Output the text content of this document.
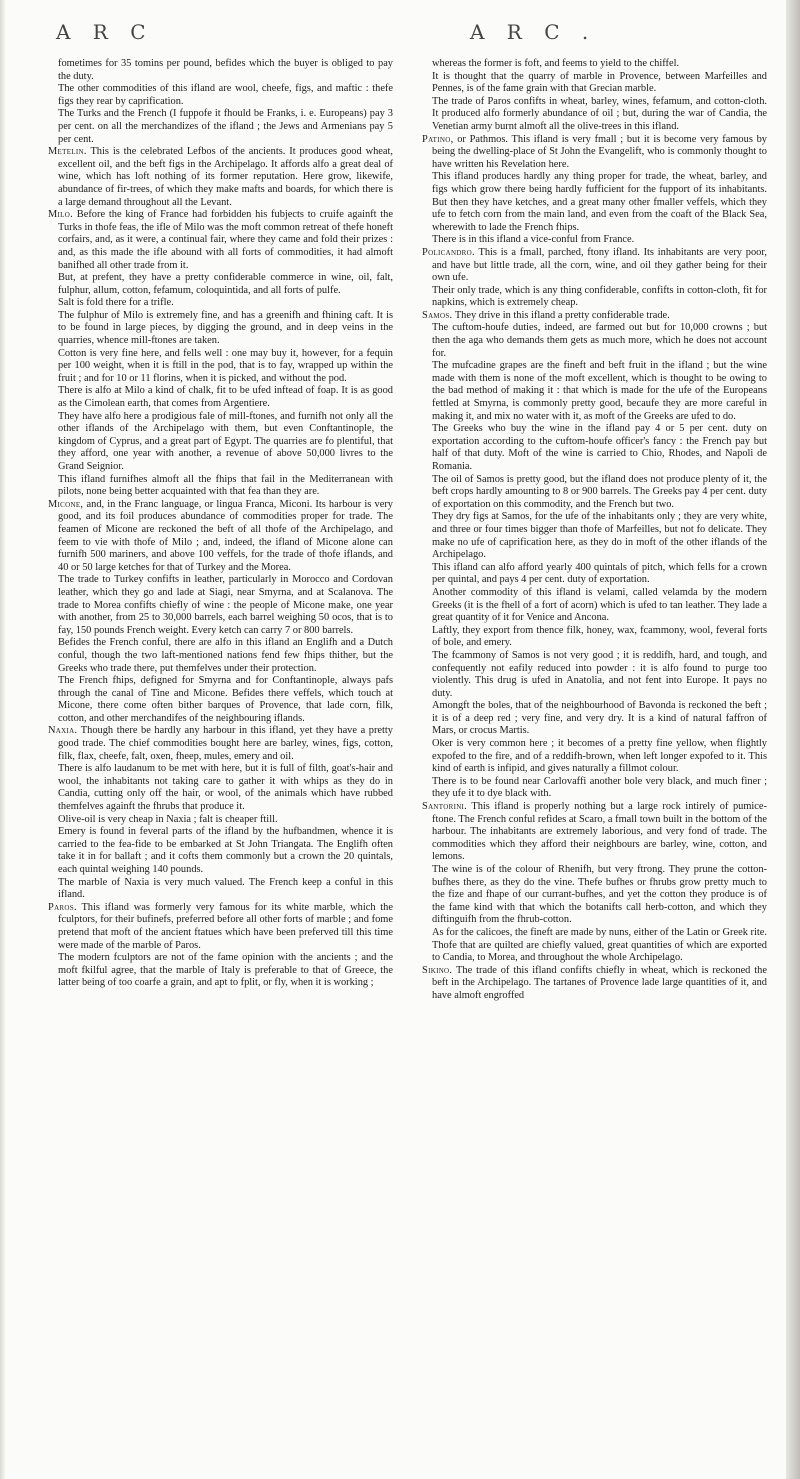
A R C	A R C .

fometimes for 35 tomins per pound, befides which the buyer is obliged to pay the duty.

The other commodities of this ifland are wool, cheefe, figs, and maftic : thefe figs they rear by caprification.

The Turks and the French (I fuppofe it fhould be Franks, i. e. Europeans) pay 3 per cent. on all the merchandizes of the ifland ; the Jews and Armenians pay 5 per cent.

Metelin. This is the celebrated Lefbos of the ancients. It produces good wheat, excellent oil, and the beft figs in the Archipelago. It affords alfo a great deal of wine, which has loft nothing of its former reputation. Here grow, likewife, abundance of fir-trees, of which they make mafts and boards, for which there is a large demand throughout all the Levant.

Milo. Before the king of France had forbidden his fubjects to cruife againft the Turks in thofe feas, the ifle of Milo was the moft common retreat of thefe honeft corfairs, and, as it were, a continual fair, where they came and fold their prizes : and, as this made the ifle abound with all forts of commodities, it had almoft banifhed all other trade from it.

But, at prefent, they have a pretty confiderable commerce in wine, oil, falt, fulphur, allum, cotton, fefamum, coloquintida, and all forts of pulfe.

Salt is fold there for a trifle.

The fulphur of Milo is extremely fine, and has a greenifh and fhining caft. It is to be found in large pieces, by digging the ground, and in deep veins in the quarries, whence mill-ftones are taken.

Cotton is very fine here, and fells well : one may buy it, however, for a fequin per 100 weight, when it is ftill in the pod, that is to fay, wrapped up within the fruit ; and for 10 or 11 florins, when it is picked, and without the pod.

There is alfo at Milo a kind of chalk, fit to be ufed inftead of foap. It is as good as the Cimolean earth, that comes from Argentiere.

They have alfo here a prodigious fale of mill-ftones, and furnifh not only all the other iflands of the Archipelago with them, but even Conftantinople, the kingdom of Cyprus, and a great part of Egypt. The quarries are fo plentiful, that they afford, one year with another, a revenue of above 50,000 livres to the Grand Seignior.

This ifland furnifhes almoft all the fhips that fail in the Mediterranean with pilots, none being better acquainted with that fea than they are.

Micone, and, in the Franc language, or lingua Franca, Miconi. Its harbour is very good, and its foil produces abundance of commodities proper for trade. The feamen of Micone are reckoned the beft of all thofe of the Archipelago, and feem to vie with thofe of Milo ; and, indeed, the ifland of Micone alone can furnifh 500 mariners, and above 100 veffels, for the trade of thofe iflands, and 40 or 50 large ketches for that of Turkey and the Morea.

The trade to Turkey confifts in leather, particularly in Morocco and Cordovan leather, which they go and lade at Siagi, near Smyrna, and at Scalanova. The trade to Morea confifts chiefly of wine : the people of Micone make, one year with another, from 25 to 30,000 barrels, each barrel weighing 50 ocos, that is to fay, 150 pounds French weight. Every ketch can carry 7 or 800 barrels.

Befides the French conful, there are alfo in this ifland an Englifh and a Dutch conful, though the two laft-mentioned nations fend few fhips thither, but the Greeks who trade there, put themfelves under their protection.

The French fhips, defigned for Smyrna and for Conftantinople, always pafs through the canal of Tine and Micone. Befides there veffels, which touch at Micone, there come often bither barques of Provence, that lade corn, filk, cotton, and other merchandifes of the neighbouring iflands.

Naxia. Though there be hardly any harbour in this ifland, yet they have a pretty good trade. The chief commodities bought here are barley, wines, figs, cotton, filk, flax, cheefe, falt, oxen, fheep, mules, emery and oil.

There is alfo laudanum to be met with here, but it is full of filth, goat's-hair and wool, the inhabitants not taking care to gather it with whips as they do in Candia, cutting only off the hair, or wool, of the animals which have rubbed themfelves againft the fhrubs that produce it.

Olive-oil is very cheap in Naxia ; falt is cheaper ftill.

Emery is found in feveral parts of the ifland by the hufbandmen, whence it is carried to the fea-fide to be embarked at St John Triangata. The Englifh often take it in for ballaft ; and it cofts them commonly but a crown the 20 quintals, each quintal weighing 140 pounds.

The marble of Naxia is very much valued. The French keep a conful in this ifland.

Paros. This ifland was formerly very famous for its white marble, which the fculptors, for their bufinefs, preferred before all other forts of marble ; and fome pretend that moft of the ancient ftatues which have been preferved till this time were made of the marble of Paros.

The modern fculptors are not of the fame opinion with the ancients ; and the moft fkilful agree, that the marble of Italy is preferable to that of Greece, the latter being of too coarfe a grain, and apt to fplit, or fly, when it is working ;

whereas the former is foft, and feems to yield to the chiffel.

It is thought that the quarry of marble in Provence, between Marfeilles and Pennes, is of the fame grain with that Grecian marble.

The trade of Paros confifts in wheat, barley, wines, fefamum, and cotton-cloth. It produced alfo formerly abundance of oil ; but, during the war of Candia, the Venetian army burnt almoft all the olive-trees in this ifland.

Patino, or Pathmos. This ifland is very fmall ; but it is become very famous by being the dwelling-place of St John the Evangelift, who is commonly thought to have written his Revelation here.

This ifland produces hardly any thing proper for trade, the wheat, barley, and figs which grow there being hardly fufficient for the fupport of its inhabitants. But then they have ketches, and a great many other fmaller veffels, which they ufe to fetch corn from the main land, and even from the coaft of the Black Sea, wherewith to lade the French fhips.

There is in this ifland a vice-conful from France.

Policandro. This is a fmall, parched, ftony ifland. Its inhabitants are very poor, and have but little trade, all the corn, wine, and oil they gather being for their own ufe.

Their only trade, which is any thing confiderable, confifts in cotton-cloth, fit for napkins, which is extremely cheap.

Samos. They drive in this ifland a pretty confiderable trade.

The cuftom-houfe duties, indeed, are farmed out but for 10,000 crowns ; but then the aga who demands them gets as much more, which he does not account for.

The mufcadine grapes are the fineft and beft fruit in the ifland ; but the wine made with them is none of the moft excellent, which is thought to be owing to the bad method of making it : that which is made for the ufe of the Europeans fettled at Smyrna, is commonly pretty good, becaufe they are more careful in making it, and mix no water with it, as moft of the Greeks are ufed to do.

The Greeks who buy the wine in the ifland pay 4 or 5 per cent. duty on exportation according to the cuftom-houfe officer's fancy : the French pay but half of that duty. Moft of the wine is carried to Chio, Rhodes, and Napoli de Romania.

The oil of Samos is pretty good, but the ifland does not produce plenty of it, the beft crops hardly amounting to 8 or 900 barrels. The Greeks pay 4 per cent. duty of exportation on this commodity, and the French but two.

They dry figs at Samos, for the ufe of the inhabitants only ; they are very white, and three or four times bigger than thofe of Marfeilles, but not fo delicate. They make no ufe of caprification here, as they do in moft of the other iflands of the Archipelago.

This ifland can alfo afford yearly 400 quintals of pitch, which fells for a crown per quintal, and pays 4 per cent. duty of exportation.

Another commodity of this ifland is velami, called velamda by the modern Greeks (it is the fhell of a fort of acorn) which is ufed to tan leather. They lade a great quantity of it for Venice and Ancona.

Laftly, they export from thence filk, honey, wax, fcammony, wool, feveral forts of bole, and emery.

The fcammony of Samos is not very good ; it is reddifh, hard, and tough, and confequently not eafily reduced into powder : it is alfo found to purge too violently. This drug is ufed in Anatolia, and not fent into Europe. It pays no duty.

Amongft the boles, that of the neighbourhood of Bavonda is reckoned the beft ; it is of a deep red ; very fine, and very dry. It is a kind of natural faffron of Mars, or crocus Martis.

Oker is very common here ; it becomes of a pretty fine yellow, when flightly expofed to the fire, and of a reddifh-brown, when left longer expofed to it. This kind of earth is infipid, and gives naturally a fillmot colour.

There is to be found near Carlovaffi another bole very black, and much finer ; they ufe it to dye black with.

Santorini. This ifland is properly nothing but a large rock intirely of pumice-ftone. The French conful refides at Scaro, a fmall town built in the bottom of the harbour. The inhabitants are extremely laborious, and very fond of trade. The commodities which they afford their neighbours are barley, wine, cotton, and lemons.

The wine is of the colour of Rhenifh, but very ftrong. They prune the cotton-bufhes there, as they do the vine. Thefe bufhes or fhrubs grow pretty much to the fize and fhape of our currant-bufhes, and yet the cotton they produce is of the fame kind with that which the botanifts call herb-cotton, and which they diftinguifh from the fhrub-cotton.

As for the calicoes, the fineft are made by nuns, either of the Latin or Greek rite. Thofe that are quilted are chiefly valued, great quantities of which are exported to Candia, to Morea, and throughout the whole Archipelago.

Sikino. The trade of this ifland confifts chiefly in wheat, which is reckoned the beft in the Archipelago. The tartanes of Provence lade large quantities of it, and have almoft engroffed
